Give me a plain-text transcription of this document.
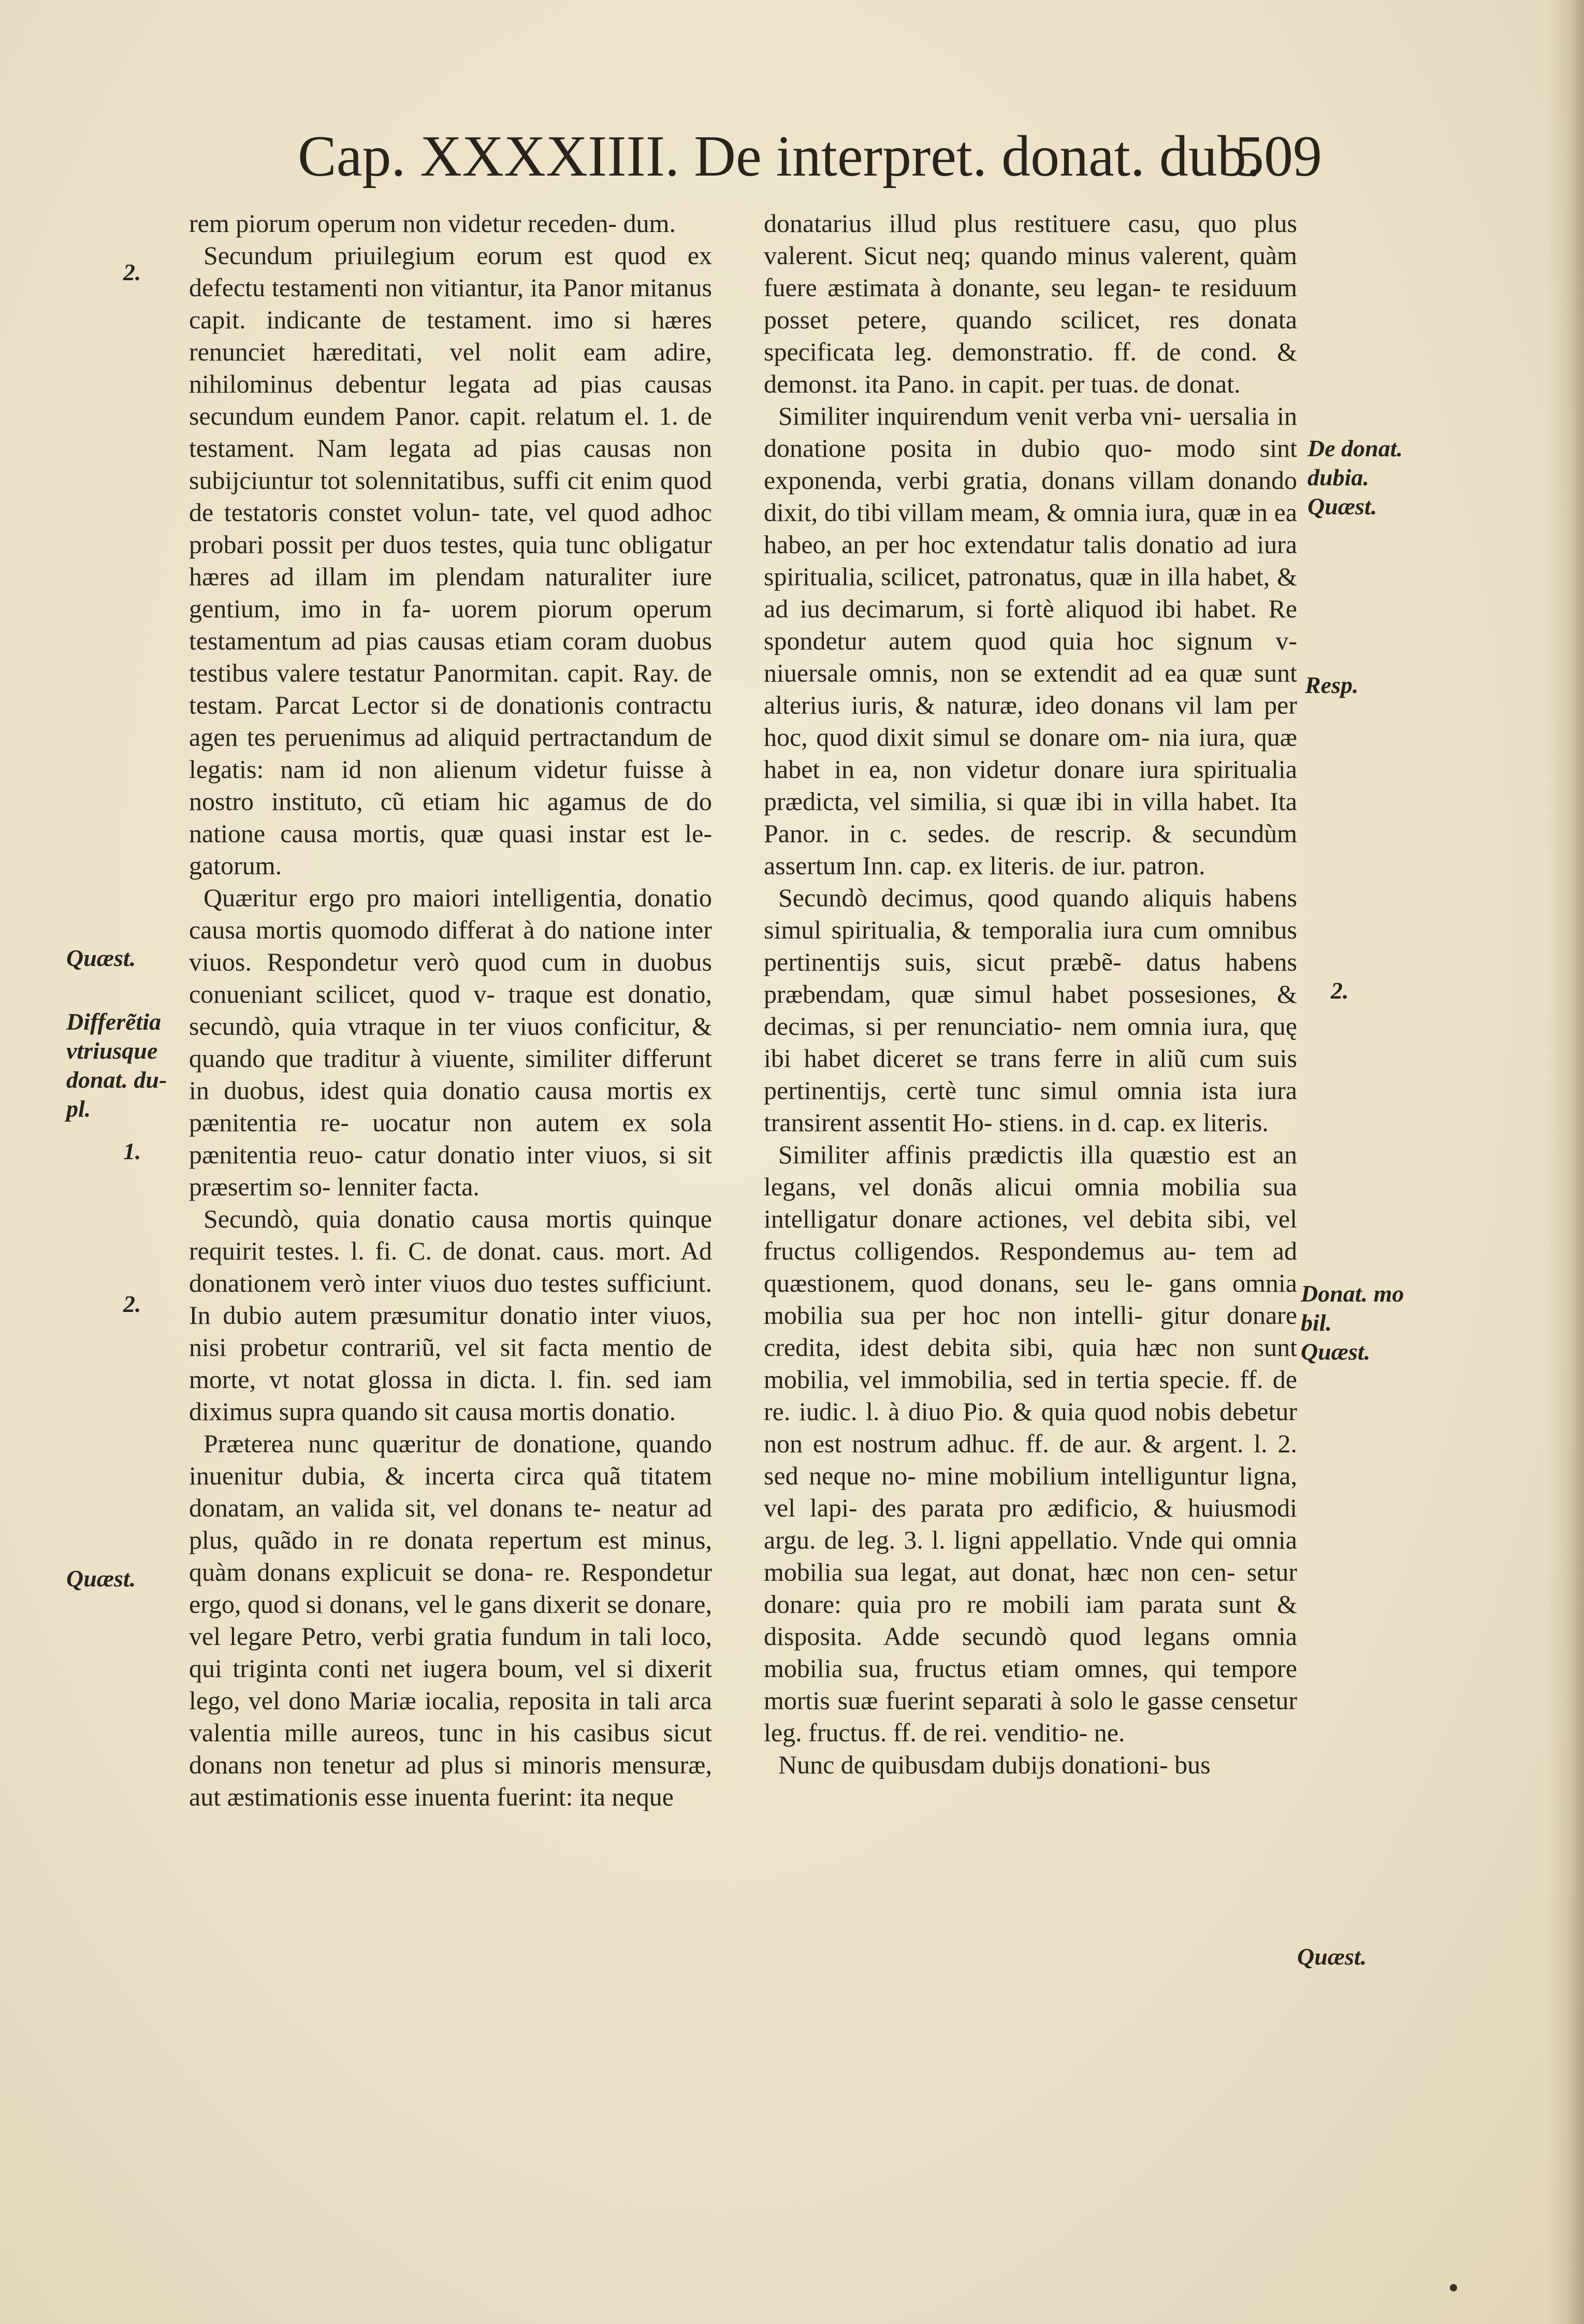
Cap. XXXXIIII. De interpret. donat. dub.
509
2.
Quæst.
Differẽtia
vtriusque
donat. du-
pl.
1.
2.
Quæst.
De donat.
dubia.
Quæst.
Resp.
2.
Donat. mo
bil.
Quæst.
Quæst.

rem piorum operum non videtur receden- dum.

Secundum priuilegium eorum est quod ex defectu testamenti non vitiantur, ita Panor mitanus capit. indicante de testament. imo si hæres renunciet hæreditati, vel nolit eam adire, nihilominus debentur legata ad pias causas secundum eundem Panor. capit. relatum el. 1. de testament. Nam legata ad pias causas non subijciuntur tot solennitatibus, suffi cit enim quod de testatoris constet volun- tate, vel quod adhoc probari possit per duos testes, quia tunc obligatur hæres ad illam im plendam naturaliter iure gentium, imo in fa- uorem piorum operum testamentum ad pias causas etiam coram duobus testibus valere testatur Panormitan. capit. Ray. de testam. Parcat Lector si de donationis contractu agen tes peruenimus ad aliquid pertractandum de legatis: nam id non alienum videtur fuisse à nostro instituto, cũ etiam hic agamus de do natione causa mortis, quæ quasi instar est le- gatorum.

Quæritur ergo pro maiori intelligentia, donatio causa mortis quomodo differat à do natione inter viuos. Respondetur verò quod cum in duobus conueniant scilicet, quod v- traque est donatio, secundò, quia vtraque in ter viuos conficitur, & quando que traditur à viuente, similiter differunt in duobus, idest quia donatio causa mortis ex pænitentia re- uocatur non autem ex sola pænitentia reuo- catur donatio inter viuos, si sit præsertim so- lenniter facta.

Secundò, quia donatio causa mortis quinque requirit testes. l. fi. C. de donat. caus. mort. Ad donationem verò inter viuos duo testes sufficiunt. In dubio autem præsumitur donatio inter viuos, nisi probetur contrariũ, vel sit facta mentio de morte, vt notat glossa in dicta. l. fin. sed iam diximus supra quando sit causa mortis donatio.

Præterea nunc quæritur de donatione, quando inuenitur dubia, & incerta circa quã titatem donatam, an valida sit, vel donans te- neatur ad plus, quãdo in re donata repertum est minus, quàm donans explicuit se dona- re. Respondetur ergo, quod si donans, vel le gans dixerit se donare, vel legare Petro, verbi gratia fundum in tali loco, qui triginta conti net iugera boum, vel si dixerit lego, vel dono Mariæ iocalia, reposita in tali arca valentia mille aureos, tunc in his casibus sicut donans non tenetur ad plus si minoris mensuræ, aut æstimationis esse inuenta fuerint: ita neque

donatarius illud plus restituere casu, quo plus valerent. Sicut neq; quando minus valerent, quàm fuere æstimata à donante, seu legan- te residuum posset petere, quando scilicet, res donata specificata leg. demonstratio. ff. de cond. & demonst. ita Pano. in capit. per tuas. de donat.

Similiter inquirendum venit verba vni- uersalia in donatione posita in dubio quo- modo sint exponenda, verbi gratia, donans villam donando dixit, do tibi villam meam, & omnia iura, quæ in ea habeo, an per hoc extendatur talis donatio ad iura spiritualia, scilicet, patronatus, quæ in illa habet, & ad ius decimarum, si fortè aliquod ibi habet. Re spondetur autem quod quia hoc signum v- niuersale omnis, non se extendit ad ea quæ sunt alterius iuris, & naturæ, ideo donans vil lam per hoc, quod dixit simul se donare om- nia iura, quæ habet in ea, non videtur donare iura spiritualia prædicta, vel similia, si quæ ibi in villa habet. Ita Panor. in c. sedes. de rescrip. & secundùm assertum Inn. cap. ex literis. de iur. patron.

Secundò decimus, qood quando aliquis habens simul spiritualia, & temporalia iura cum omnibus pertinentijs suis, sicut præbẽ- datus habens præbendam, quæ simul habet possesiones, & decimas, si per renunciatio- nem omnia iura, quę ibi habet diceret se trans ferre in aliũ cum suis pertinentijs, certè tunc simul omnia ista iura transirent assentit Ho- stiens. in d. cap. ex literis.

Similiter affinis prædictis illa quæstio est an legans, vel donãs alicui omnia mobilia sua intelligatur donare actiones, vel debita sibi, vel fructus colligendos. Respondemus au- tem ad quæstionem, quod donans, seu le- gans omnia mobilia sua per hoc non intelli- gitur donare credita, idest debita sibi, quia hæc non sunt mobilia, vel immobilia, sed in tertia specie. ff. de re. iudic. l. à diuo Pio. & quia quod nobis debetur non est nostrum adhuc. ff. de aur. & argent. l. 2. sed neque no- mine mobilium intelliguntur ligna, vel lapi- des parata pro ædificio, & huiusmodi argu. de leg. 3. l. ligni appellatio. Vnde qui omnia mobilia sua legat, aut donat, hæc non cen- setur donare: quia pro re mobili iam parata sunt & disposita. Adde secundò quod legans omnia mobilia sua, fructus etiam omnes, qui tempore mortis suæ fuerint separati à solo le gasse censetur leg. fructus. ff. de rei. venditio- ne.

Nunc de quibusdam dubijs donationi- bus
